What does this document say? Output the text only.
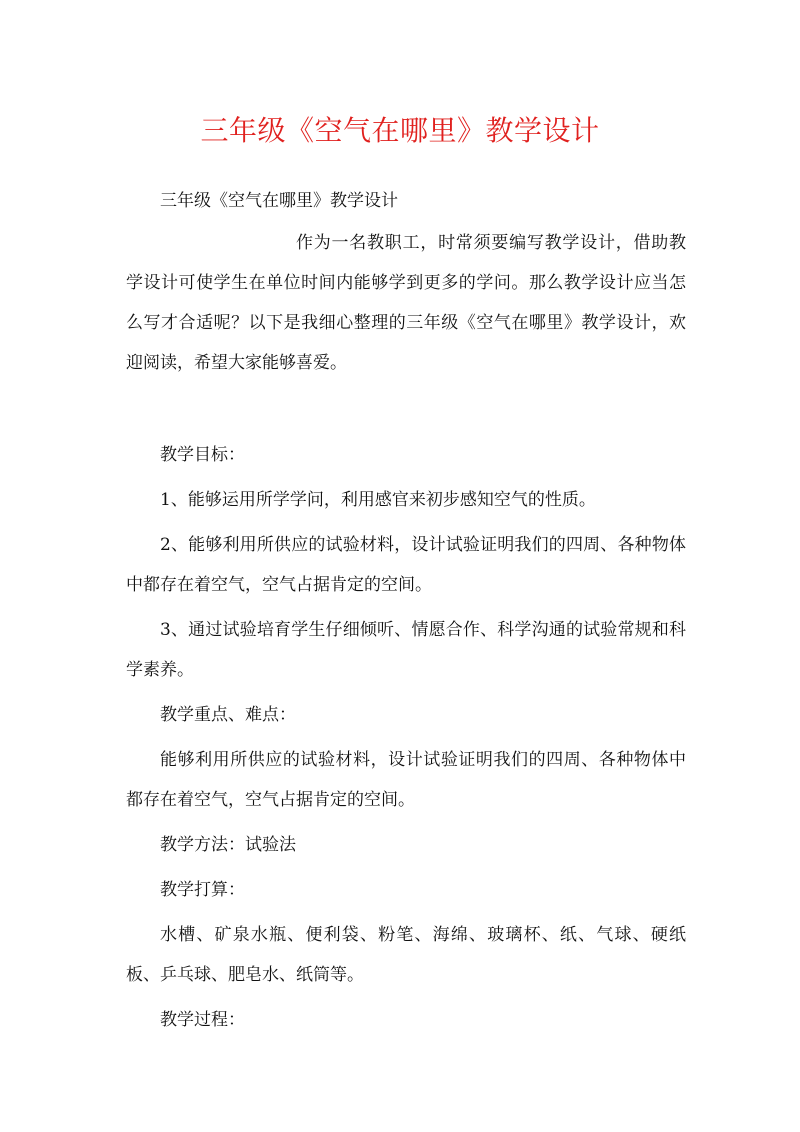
三年级《空气在哪里》教学设计

三年级《空气在哪里》教学设计

作为一名教职工，时常须要编写教学设计，借助教学设计可使学生在单位时间内能够学到更多的学问。那么教学设计应当怎么写才合适呢？以下是我细心整理的三年级《空气在哪里》教学设计，欢迎阅读，希望大家能够喜爱。

教学目标：

1、能够运用所学学问，利用感官来初步感知空气的性质。

2、能够利用所供应的试验材料，设计试验证明我们的四周、各种物体中都存在着空气，空气占据肯定的空间。

3、通过试验培育学生仔细倾听、情愿合作、科学沟通的试验常规和科学素养。

教学重点、难点：

能够利用所供应的试验材料，设计试验证明我们的四周、各种物体中都存在着空气，空气占据肯定的空间。

教学方法：试验法

教学打算：

水槽、矿泉水瓶、便利袋、粉笔、海绵、玻璃杯、纸、气球、硬纸板、乒乓球、肥皂水、纸筒等。

教学过程：
